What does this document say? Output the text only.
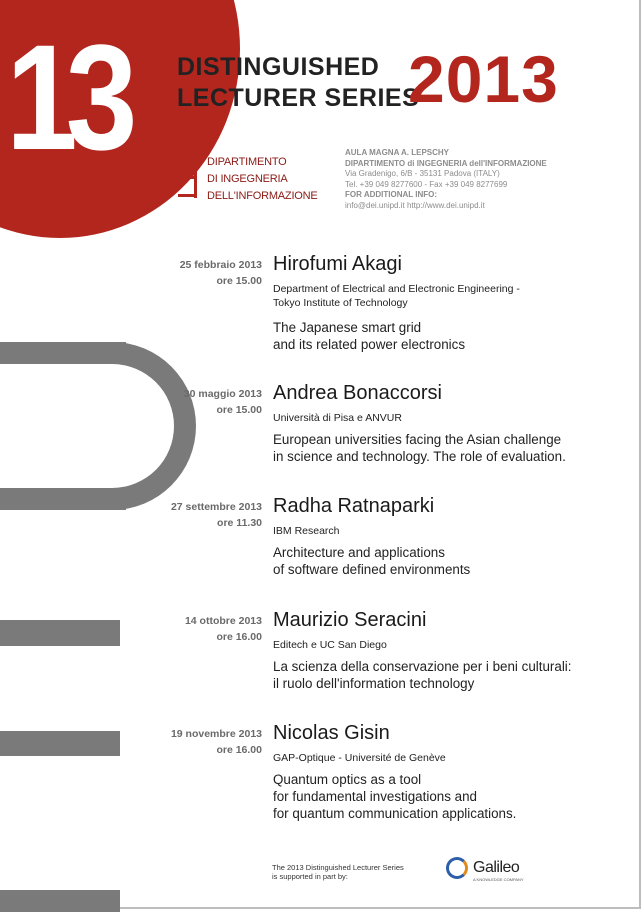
13	DISTINGUISHED
LECTURER SERIES
2013
DIPARTIMENTO
DI INGEGNERIA
DELL'INFORMAZIONE
AULA MAGNA A. LEPSCHY
DIPARTIMENTO di INGEGNERIA dell'INFORMAZIONE
Via Gradenigo, 6/B - 35131 Padova (ITALY)
Tel. +39 049 8277600 - Fax +39 049 8277699
FOR ADDITIONAL INFO:
info@dei.unipd.it http://www.dei.unipd.it
25 febbraio 2013
ore 15.00
Hirofumi Akagi
Department of Electrical and Electronic Engineering -
Tokyo Institute of Technology
The Japanese smart grid
and its related power electronics
30 maggio 2013
ore 15.00
Andrea Bonaccorsi
Università di Pisa e ANVUR
European universities facing the Asian challenge
in science and technology. The role of evaluation.
27 settembre 2013
ore 11.30
Radha Ratnaparki
IBM Research
Architecture and applications
of software defined environments
14 ottobre 2013
ore 16.00
Maurizio Seracini
Editech e UC San Diego
La scienza della conservazione per i beni culturali:
il ruolo dell'information technology
19 novembre 2013
ore 16.00
Nicolas Gisin
GAP-Optique - Université de Genève
Quantum optics as a tool
for fundamental investigations and
for quantum communication applications.
The 2013 Distinguished Lecturer Series
is supported in part by:
Galileo
A KNOWLEDGE COMPANY
